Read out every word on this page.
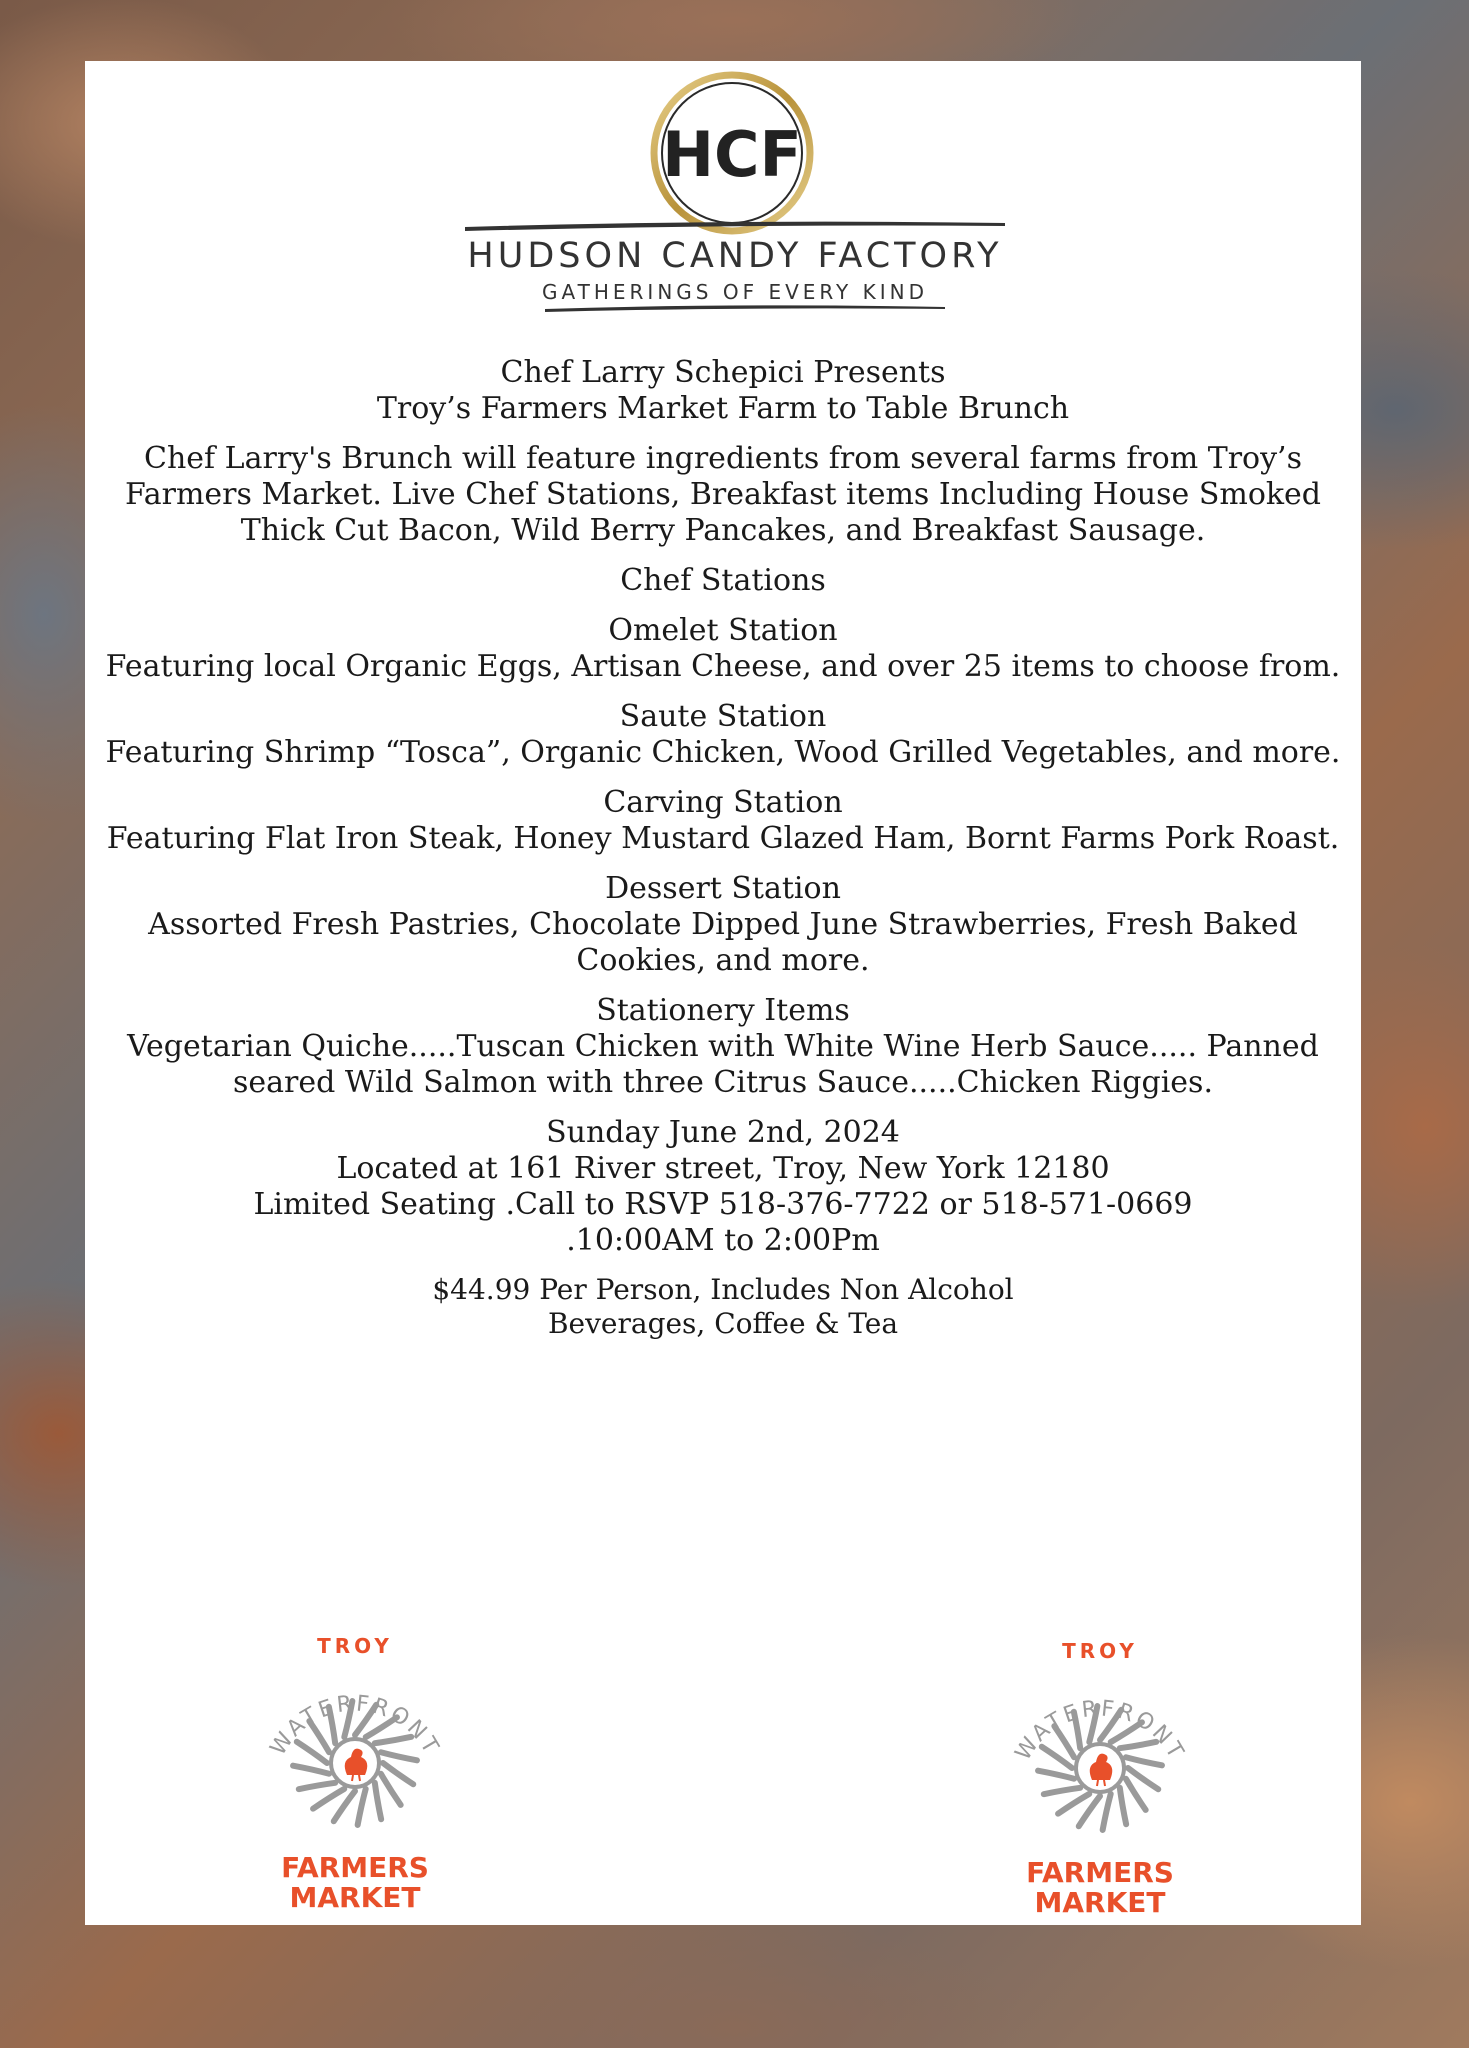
HCF
HUDSON CANDY FACTORY
GATHERINGS OF EVERY KIND

Chef Larry Schepici Presents

Troy’s Farmers Market Farm to Table Brunch

Chef Larry's Brunch will feature ingredients from several farms from Troy’s Farmers Market. Live Chef Stations, Breakfast items Including House Smoked Thick Cut Bacon, Wild Berry Pancakes, and Breakfast Sausage.

Chef Stations

Omelet Station

Featuring local Organic Eggs, Artisan Cheese, and over 25 items to choose from.

Saute Station

Featuring Shrimp “Tosca”, Organic Chicken, Wood Grilled Vegetables, and more.

Carving Station

Featuring Flat Iron Steak, Honey Mustard Glazed Ham, Bornt Farms Pork Roast.

Dessert Station

Assorted Fresh Pastries, Chocolate Dipped June Strawberries, Fresh Baked Cookies, and more.

Stationery Items

Vegetarian Quiche.....Tuscan Chicken with White Wine Herb Sauce..... Panned seared Wild Salmon with three Citrus Sauce.....Chicken Riggies.

Sunday June 2nd, 2024

Located at 161 River street, Troy, New York 12180

Limited Seating .Call to RSVP 518-376-7722 or 518-571-0669

.10:00AM to 2:00Pm

$44.99 Per Person, Includes Non Alcohol

Beverages, Coffee & Tea

TROY
WATERFRONT
FARMERS
MARKET
TROY
WATERFRONT
FARMERS
MARKET
